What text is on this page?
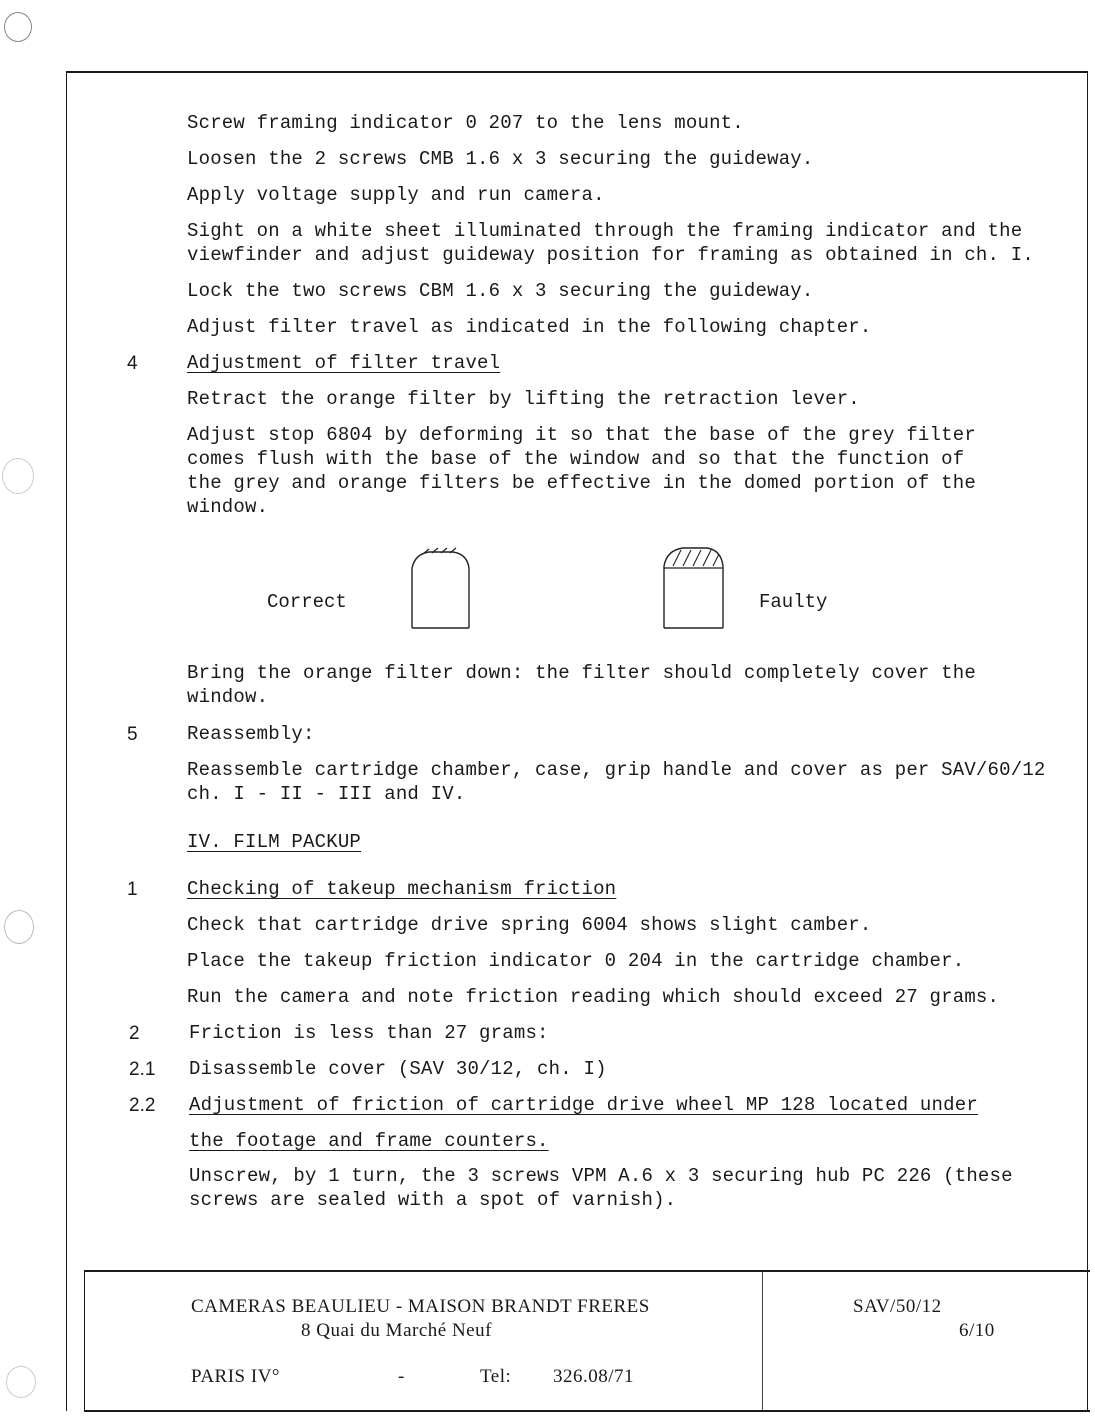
Screw framing indicator 0 207 to the lens mount.
Loosen the 2 screws CMB 1.6 x 3 securing the guideway.
Apply voltage supply and run camera.
Sight on a white sheet illuminated through the framing indicator and the
viewfinder and adjust guideway position for framing as obtained in ch. I.
Lock the two screws CBM 1.6 x 3 securing the guideway.
Adjust filter travel as indicated in the following chapter.
4	Adjustment of filter travel
Retract the orange filter by lifting the retraction lever.
Adjust stop 6804 by deforming it so that the base of the grey filter
comes flush with the base of the window and so that the function of
the grey and orange filters be effective in the domed portion of the
window.
Correct	Faulty
Bring the orange filter down: the filter should completely cover the
window.
5	Reassembly:
Reassemble cartridge chamber, case, grip handle and cover as per SAV/60/12
ch. I - II - III and IV.
IV. FILM PACKUP
1	Checking of takeup mechanism friction
Check that cartridge drive spring 6004 shows slight camber.
Place the takeup friction indicator 0 204 in the cartridge chamber.
Run the camera and note friction reading which should exceed 27 grams.
2	Friction is less than 27 grams:
2.1 Disassemble cover (SAV 30/12, ch. I)
2.2 Adjustment of friction of cartridge drive wheel MP 128 located under
the footage and frame counters.
Unscrew, by 1 turn, the 3 screws VPM A.6 x 3 securing hub PC 226 (these
screws are sealed with a spot of varnish).
CAMERAS BEAULIEU - MAISON BRANDT FRERES
8 Quai du Marché Neuf
PARIS IV°	-	Tel: 326.08/71
SAV/50/12
6/10
